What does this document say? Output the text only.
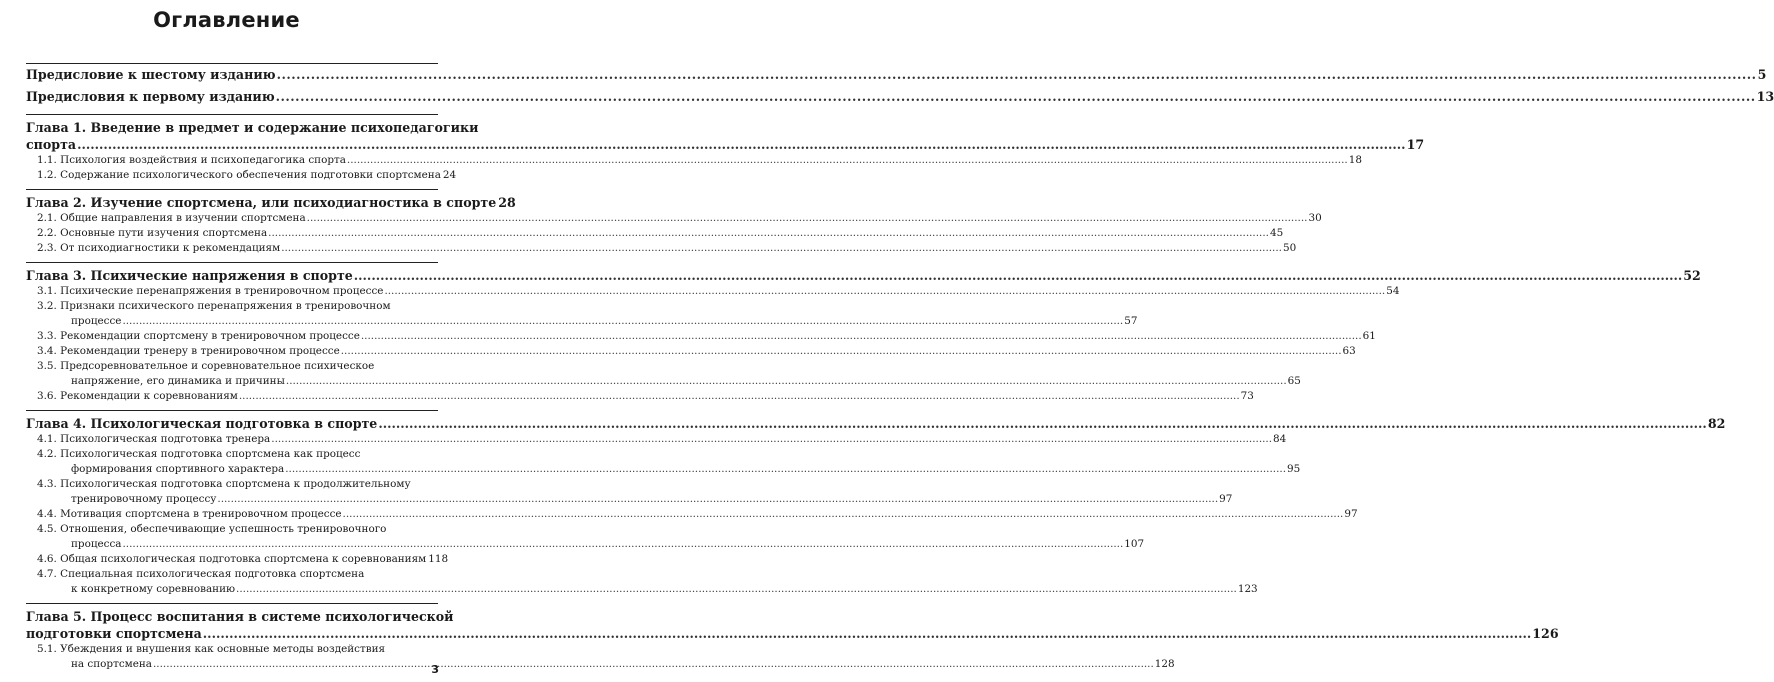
Оглавление
Предисловие к шестому изданию .....	5
Предисловия к первому изданию .....	13
Глава 1. Введение в предмет и содержание психопедагогики
спорта .....	17
1.1. Психология воздействия и психопедагогика спорта .....	18
1.2. Содержание психологического обеспечения подготовки спортсмена 24
Глава 2. Изучение спортсмена, или психодиагностика в спорте 28
2.1. Общие направления в изучении спортсмена .....	30
2.2. Основные пути изучения спортсмена .....	45
2.3. От психодиагностики к рекомендациям .....	50
Глава 3. Психические напряжения в спорте .....	52
3.1. Психические перенапряжения в тренировочном процессе .....	54
3.2. Признаки психического перенапряжения в тренировочном
процессе .....	57
3.3. Рекомендации спортсмену в тренировочном процессе .....	61
3.4. Рекомендации тренеру в тренировочном процессе .....	63
3.5. Предсоревновательное и соревновательное психическое
напряжение, его динамика и причины .....	65
3.6. Рекомендации к соревнованиям .....	73
Глава 4. Психологическая подготовка в спорте .....	82
4.1. Психологическая подготовка тренера .....	84
4.2. Психологическая подготовка спортсмена как процесс
формирования спортивного характера .....	95
4.3. Психологическая подготовка спортсмена к продолжительному
тренировочному процессу .....	97
4.4. Мотивация спортсмена в тренировочном процессе .....	97
4.5. Отношения, обеспечивающие успешность тренировочного
процесса .....	107
4.6. Общая психологическая подготовка спортсмена к соревнованиям 118
4.7. Специальная психологическая подготовка спортсмена
к конкретному соревнованию .....	123
Глава 5. Процесс воспитания в системе психологической
подготовки спортсмена .....	126
5.1. Убеждения и внушения как основные методы воздействия
на спортсмена .....	128
3
